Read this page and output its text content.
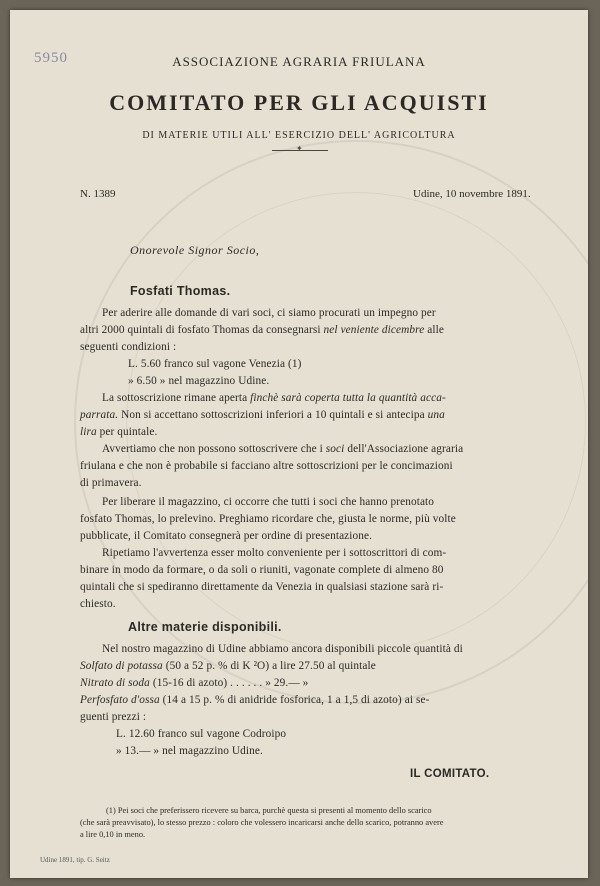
5950	ASSOCIAZIONE AGRARIA FRIULANA
COMITATO PER GLI ACQUISTI
DI MATERIE UTILI ALL' ESERCIZIO DELL' AGRICOLTURA
✦
N. 1389	Udine, 10 novembre 1891.
Onorevole Signor Socio,
Fosfati Thomas.
Per aderire alle domande di vari soci, ci siamo procurati un impegno per
altri 2000 quintali di fosfato Thomas da consegnarsi nel veniente dicembre alle
seguenti condizioni :
L. 5.60 franco sul vagone Venezia (1)
» 6.50 » nel magazzino Udine.
La sottoscrizione rimane aperta finchè sarà coperta tutta la quantità acca-
parrata. Non si accettano sottoscrizioni inferiori a 10 quintali e si antecipa una
lira per quintale.
Avvertiamo che non possono sottoscrivere che i soci dell'Associazione agraria
friulana e che non è probabile si facciano altre sottoscrizioni per le concimazioni
di primavera.
Per liberare il magazzino, ci occorre che tutti i soci che hanno prenotato
fosfato Thomas, lo prelevino. Preghiamo ricordare che, giusta le norme, più volte
pubblicate, il Comitato consegnerà per ordine di presentazione.
Ripetiamo l'avvertenza esser molto conveniente per i sottoscrittori di com-
binare in modo da formare, o da soli o riuniti, vagonate complete di almeno 80
quintali che si spediranno direttamente da Venezia in qualsiasi stazione sarà ri-
chiesto.
Altre materie disponibili.
Nel nostro magazzino di Udine abbiamo ancora disponibili piccole quantità di
Solfato di potassa (50 a 52 p. % di K ²O) a lire 27.50 al quintale
Nitrato di soda (15-16 di azoto) . . . . . . » 29.— »
Perfosfato d'ossa (14 a 15 p. % di anidride fosforica, 1 a 1,5 di azoto) ai se-
guenti prezzi :
L. 12.60 franco sul vagone Codroipo
» 13.— » nel magazzino Udine.
IL COMITATO.
(1) Pei soci che preferissero ricevere su barca, purchè questa si presenti al momento dello scarico
(che sarà preavvisato), lo stesso prezzo : coloro che volessero incaricarsi anche dello scarico, potranno avere
a lire 0,10 in meno.
Udine 1891, tip. G. Seitz
